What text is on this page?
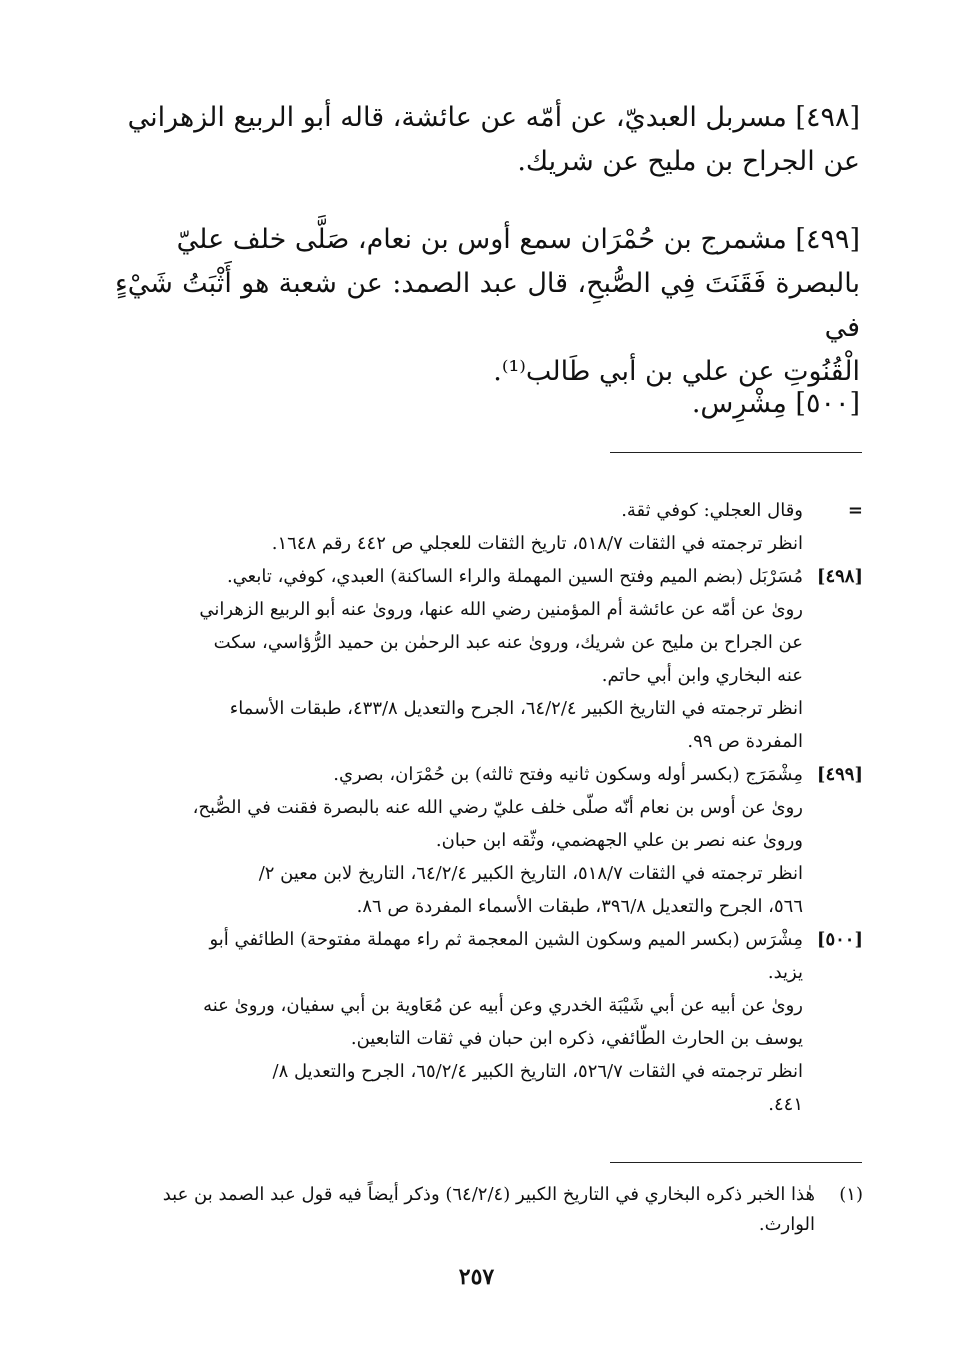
[٤٩٨] مسربل العبديّ، عن أمّه عن عائشة، قاله أبو الربيع الزهراني

عن الجراح بن مليح عن شريك.

[٤٩٩] مشمرج بن حُمْرَان سمع أوس بن نعام، صَلَّى خلف عليّ

بالبصرة فَقَنَتَ فِي الصُّبحِ، قال عبد الصمد: عن شعبة هو أَثْبَتُ شَيْءٍ في

الْقُنُوتِ عن علي بن أبي طَالب⁽¹⁾.

[٥٠٠] مِشْرِس.

=
وقال العجلي: كوفي ثقة.
انظر ترجمته في الثقات ٥١٨/٧، تاريخ الثقات للعجلي ص ٤٤٢ رقم ١٦٤٨.
[٤٩٨]
مُسَرْبَل (بضم الميم وفتح السين المهملة والراء الساكنة) العبدي، كوفي، تابعي.
روىٰ عن أمّه عن عائشة أم المؤمنين رضي الله عنها، وروىٰ عنه أبو الربيع الزهراني
عن الجراح بن مليح عن شريك، وروىٰ عنه عبد الرحمٰن بن حميد الرُّؤاسي، سكت
عنه البخاري وابن أبي حاتم.
انظر ترجمته في التاريخ الكبير ٦٤/٢/٤، الجرح والتعديل ٤٣٣/٨، طبقات الأسماء
المفردة ص ٩٩.
[٤٩٩]
مِشْمَرَج (بكسر أوله وسكون ثانيه وفتح ثالثه) بن حُمْرَان، بصري.
روىٰ عن أوس بن نعام أنّه صلّى خلف عليّ رضي الله عنه بالبصرة فقنت في الصُّبح،
وروىٰ عنه نصر بن علي الجهضمي، وثّقه ابن حبان.
انظر ترجمته في الثقات ٥١٨/٧، التاريخ الكبير ٦٤/٢/٤، التاريخ لابن معين ٢/
٥٦٦، الجرح والتعديل ٣٩٦/٨، طبقات الأسماء المفردة ص ٨٦.
[٥٠٠]
مِشْرَس (بكسر الميم وسكون الشين المعجمة ثم راء مهملة مفتوحة) الطائفي أبو
يزيد.
روىٰ عن أبيه عن أبي شَيْبَة الخدري وعن أبيه عن مُعَاوية بن أبي سفيان، وروىٰ عنه
يوسف بن الحارث الطّائفي، ذكره ابن حبان في ثقات التابعين.
انظر ترجمته في الثقات ٥٢٦/٧، التاريخ الكبير ٦٥/٢/٤، الجرح والتعديل ٨/
٤٤١.
(١)
هٰذا الخبر ذكره البخاري في التاريخ الكبير (٦٤/٢/٤) وذكر أيضاً فيه قول عبد الصمد بن عبد
الوارث.
٢٥٧
